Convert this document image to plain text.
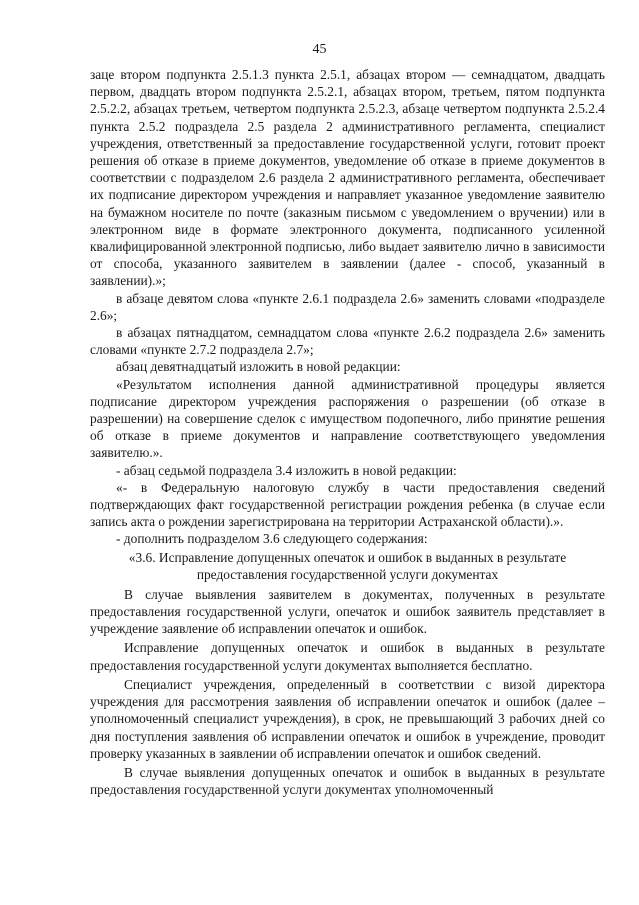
45

заце втором подпункта 2.5.1.3 пункта 2.5.1, абзацах втором — семнадцатом, двадцать первом, двадцать втором подпункта 2.5.2.1, абзацах втором, третьем, пятом подпункта 2.5.2.2, абзацах третьем, четвертом подпункта 2.5.2.3, абзаце четвертом подпункта 2.5.2.4 пункта 2.5.2 подраздела 2.5 раздела 2 административного регламента, специалист учреждения, ответственный за предоставление государственной услуги, готовит проект решения об отказе в приеме документов, уведомление об отказе в приеме документов в соответствии с подразделом 2.6 раздела 2 административного регламента, обеспечивает их подписание директором учреждения и направляет указанное уведомление заявителю на бумажном носителе по почте (заказным письмом с уведомлением о вручении) или в электронном виде в формате электронного документа, подписанного усиленной квалифицированной электронной подписью, либо выдает заявителю лично в зависимости от способа, указанного заявителем в заявлении (далее - способ, указанный в заявлении).»;

в абзаце девятом слова «пункте 2.6.1 подраздела 2.6» заменить словами «подразделе 2.6»;

в абзацах пятнадцатом, семнадцатом слова «пункте 2.6.2 подраздела 2.6» заменить словами «пункте 2.7.2 подраздела 2.7»;

абзац девятнадцатый изложить в новой редакции:

«Результатом исполнения данной административной процедуры является подписание директором учреждения распоряжения о разрешении (об отказе в разрешении) на совершение сделок с имуществом подопечного, либо принятие решения об отказе в приеме документов и направление соответствующего уведомления заявителю.».

- абзац седьмой подраздела 3.4 изложить в новой редакции:

«- в Федеральную налоговую службу в части предоставления сведений подтверждающих факт государственной регистрации рождения ребенка (в случае если запись акта о рождении зарегистрирована на территории Астраханской области).».

- дополнить подразделом 3.6 следующего содержания:

«3.6. Исправление допущенных опечаток и ошибок в выданных в результате
предоставления государственной услуги документах

В случае выявления заявителем в документах, полученных в результате предоставления государственной услуги, опечаток и ошибок заявитель представляет в учреждение заявление об исправлении опечаток и ошибок.

Исправление допущенных опечаток и ошибок в выданных в результате предоставления государственной услуги документах выполняется бесплатно.

Специалист учреждения, определенный в соответствии с визой директора учреждения для рассмотрения заявления об исправлении опечаток и ошибок (далее – уполномоченный специалист учреждения), в срок, не превышающий 3 рабочих дней со дня поступления заявления об исправлении опечаток и ошибок в учреждение, проводит проверку указанных в заявлении об исправлении опечаток и ошибок сведений.

В случае выявления допущенных опечаток и ошибок в выданных в результате предоставления государственной услуги документах уполномоченный
